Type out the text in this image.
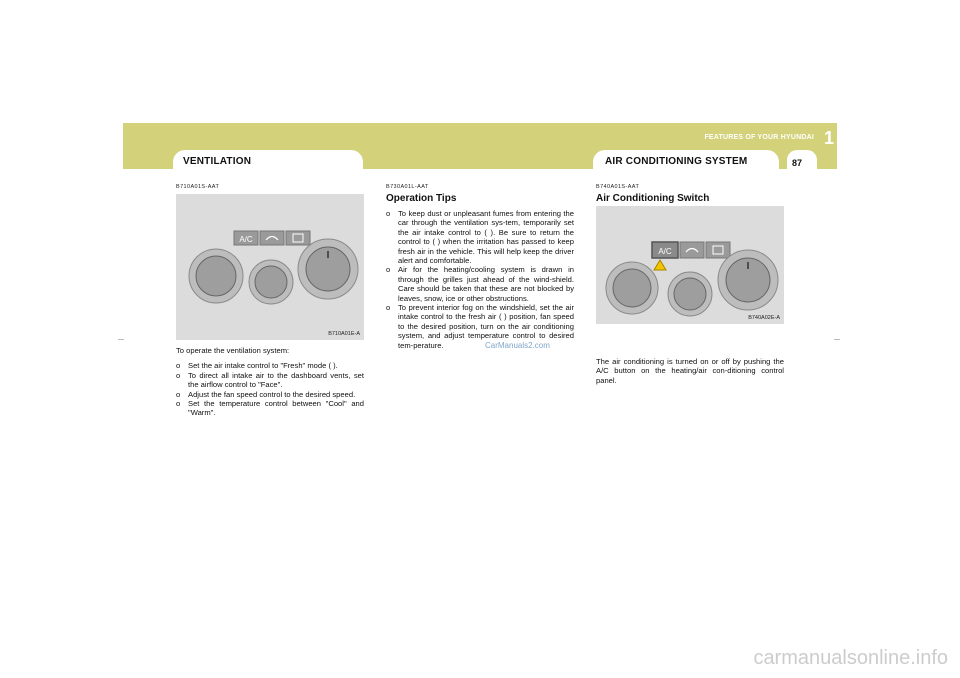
FEATURES OF YOUR HYUNDAI 1
VENTILATION	AIR CONDITIONING SYSTEM	87
B710A01S-AAT
A/C
B710A01E-A

To operate the ventilation system:

o Set the air intake control to "Fresh" mode ( ).

o To direct all intake air to the dashboard vents, set the airflow control to "Face".

o Adjust the fan speed control to the desired speed.

o Set the temperature control between "Cool" and "Warm".

B730A01L-AAT
Operation Tips

o To keep dust or unpleasant fumes from entering the car through the ventilation sys-tem, temporarily set the air intake control to ( ). Be sure to return the control to ( ) when the irritation has passed to keep fresh air in the vehicle. This will help keep the driver alert and comfortable.

o Air for the heating/cooling system is drawn in through the grilles just ahead of the wind-shield. Care should be taken that these are not blocked by leaves, snow, ice or other obstructions.

o To prevent interior fog on the windshield, set the air intake control to the fresh air ( ) position, fan speed to the desired position, turn on the air conditioning system, and adjust temperature control to desired tem-perature.	CarManuals2.com
B740A01S-AAT
Air Conditioning Switch
A/C
B740A02E-A
The air conditioning is turned on or off by pushing the A/C button on the heating/air con-ditioning control panel.
carmanualsonline.info
